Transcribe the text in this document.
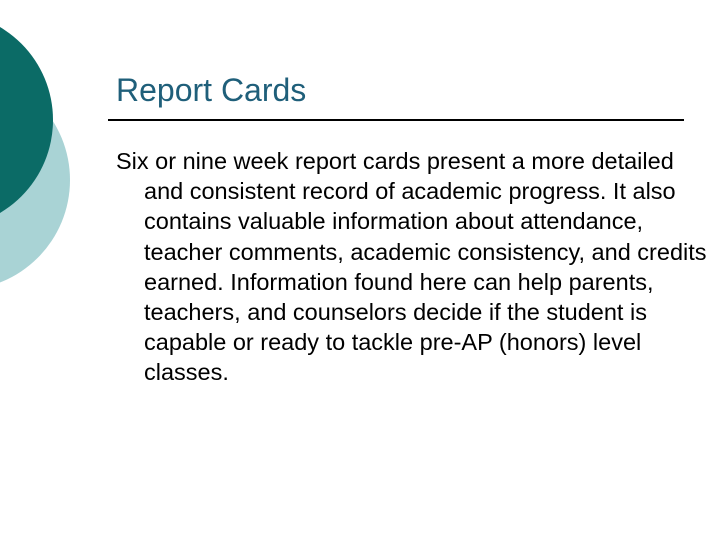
Report Cards

Six or nine week report cards present a more detailed and consistent record of academic progress. It also contains valuable information about attendance, teacher comments, academic consistency, and credits earned. Information found here can help parents, teachers, and counselors decide if the student is capable or ready to tackle pre-AP (honors) level classes.
